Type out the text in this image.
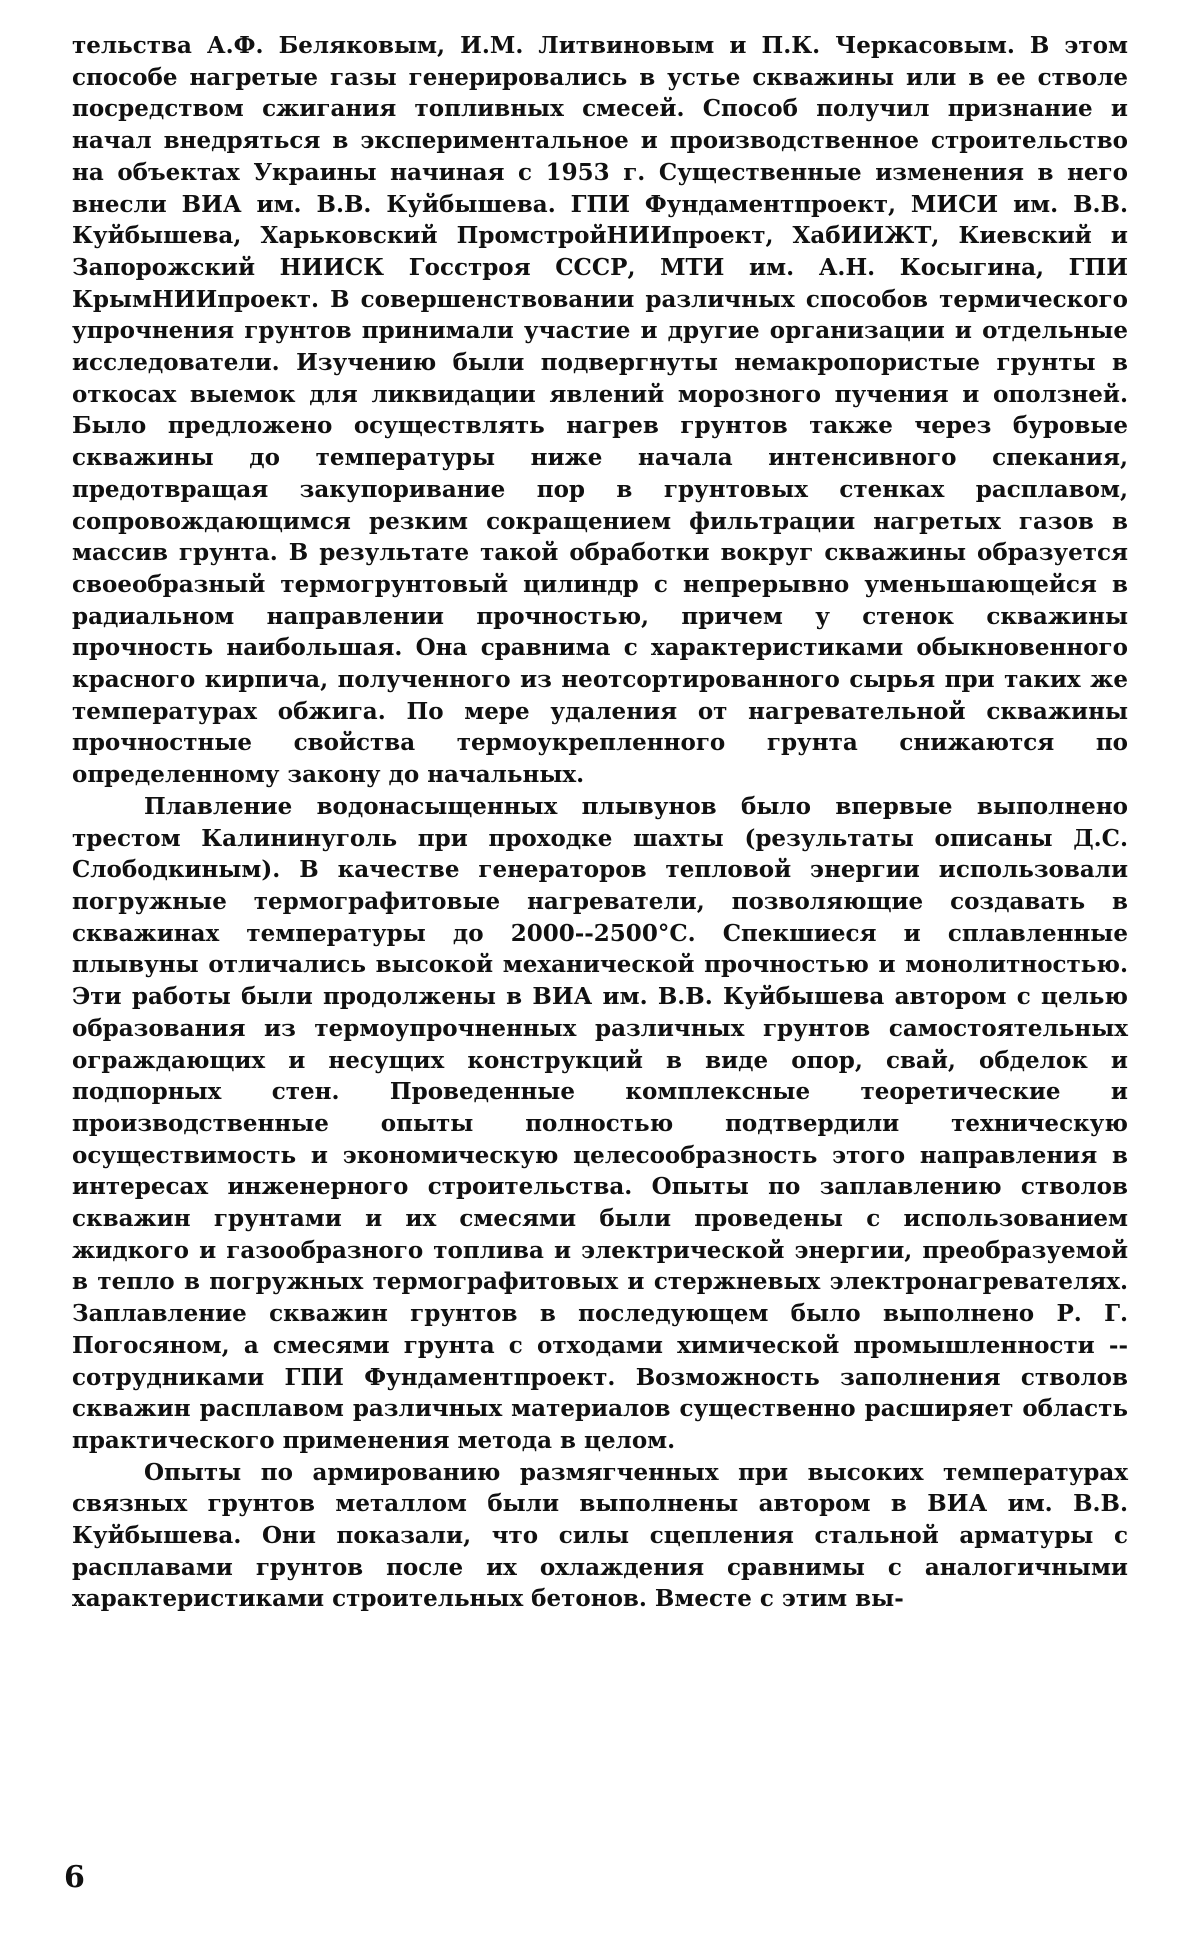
тельства А.Ф. Беляковым, И.М. Литвиновым и П.К. Черкасовым. В этом способе нагретые газы генерировались в устье скважины или в ее стволе посредством сжигания топливных смесей. Способ получил признание и начал внедряться в экспериментальное и производственное строительство на объектах Украины начиная с 1953 г. Существенные изменения в него внесли ВИА им. В.В. Куйбышева. ГПИ Фундаментпроект, МИСИ им. В.В. Куйбышева, Харьковский ПромстройНИИпроект, ХабИИЖТ, Киевский и Запорожский НИИСК Госстроя СССР, МТИ им. А.Н. Косыгина, ГПИ КрымНИИпроект. В совершенствовании различных способов термического упрочнения грунтов принимали участие и другие организации и отдельные исследователи. Изучению были подвергнуты немакропористые грунты в откосах выемок для ликвидации явлений морозного пучения и оползней. Было предложено осуществлять нагрев грунтов также через буровые скважины до температуры ниже начала интенсивного спекания, предотвращая закупоривание пор в грунтовых стенках расплавом, сопровождающимся резким сокращением фильтрации нагретых газов в массив грунта. В результате такой обработки вокруг скважины образуется своеобразный термогрунтовый цилиндр с непрерывно уменьшающейся в радиальном направлении прочностью, причем у стенок скважины прочность наибольшая. Она сравнима с характеристиками обыкновенного красного кирпича, полученного из неотсортированного сырья при таких же температурах обжига. По мере удаления от нагревательной скважины прочностные свойства термоукрепленного грунта снижаются по определенному закону до начальных.

Плавление водонасыщенных плывунов было впервые выполнено трестом Калининуголь при проходке шахты (результаты описаны Д.С. Слободкиным). В качестве генераторов тепловой энергии использовали погружные термографитовые нагреватели, позволяющие создавать в скважинах температуры до 2000--2500°С. Спекшиеся и сплавленные плывуны отличались высокой механической прочностью и монолитностью. Эти работы были продолжены в ВИА им. В.В. Куйбышева автором с целью образования из термоупрочненных различных грунтов самостоятельных ограждающих и несущих конструкций в виде опор, свай, обделок и подпорных стен. Проведенные комплексные теоретические и производственные опыты полностью подтвердили техническую осуществимость и экономическую целесообразность этого направления в интересах инженерного строительства. Опыты по заплавлению стволов скважин грунтами и их смесями были проведены с использованием жидкого и газообразного топлива и электрической энергии, преобразуемой в тепло в погружных термографитовых и стержневых электронагревателях. Заплавление скважин грунтов в последующем было выполнено Р. Г. Погосяном, а смесями грунта с отходами химической промышленности -- сотрудниками ГПИ Фундаментпроект. Возможность заполнения стволов скважин расплавом различных материалов существенно расширяет область практического применения метода в целом.

Опыты по армированию размягченных при высоких температурах связных грунтов металлом были выполнены автором в ВИА им. В.В. Куйбышева. Они показали, что силы сцепления стальной арматуры с расплавами грунтов после их охлаждения сравнимы с аналогичными характеристиками строительных бетонов. Вместе с этим вы-

6
